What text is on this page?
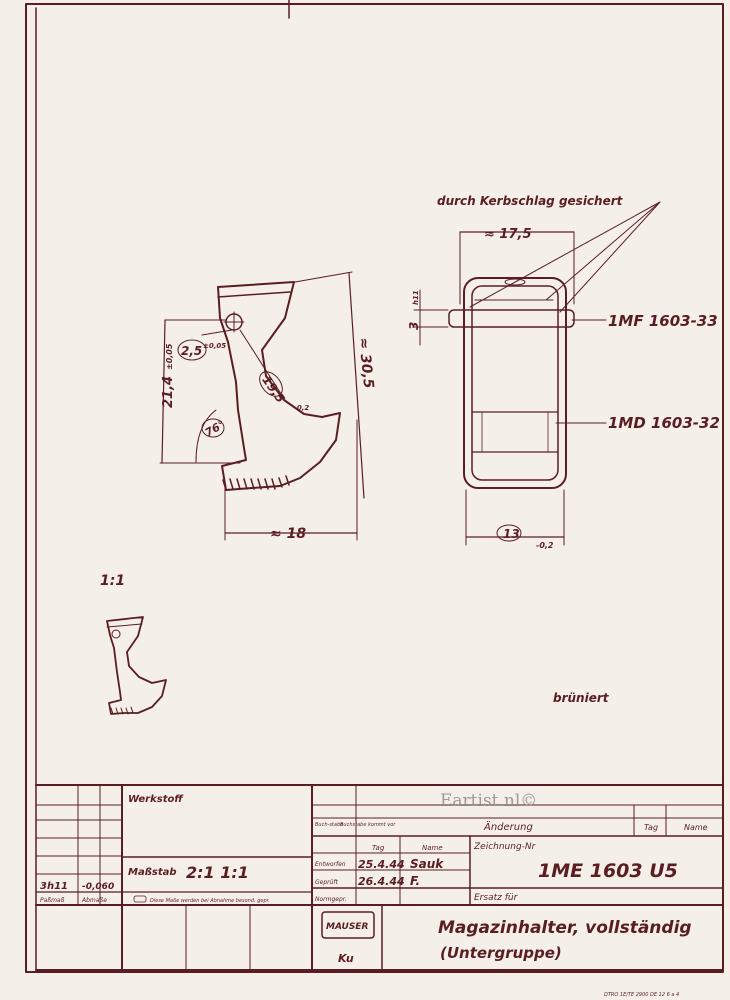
21,4
±0,05 2,5 ±0,05
76°
19,5
-0,2
≈ 30,5
≈ 18
durch Kerbschlag gesichert
≈ 17,5
3
h11
1MF 1603-33
1MD 1603-32
13
-0,2
1:1
brüniert
Werkstoff
Maßstab 2:1 1:1
3h11 -0,060
Paßmaß	Abmaße	Diese Maße werden bei Abnahme besond. gepr.
Buch-stabe
Buchstabe kommt vor
Tag	Name
Änderung	Tag	Name
Entworfen 25.4.44 Sauk
Geprüft 26.4.44 F.
Normgepr.
Zeichnung-Nr
1ME 1603 U5
Ersatz für
MAUSER	Magazinhalter, vollständig
(Untergruppe)
Ku
Eartist.nl©
DTRO 1E/TE 2900 DE 12 6 a 4
